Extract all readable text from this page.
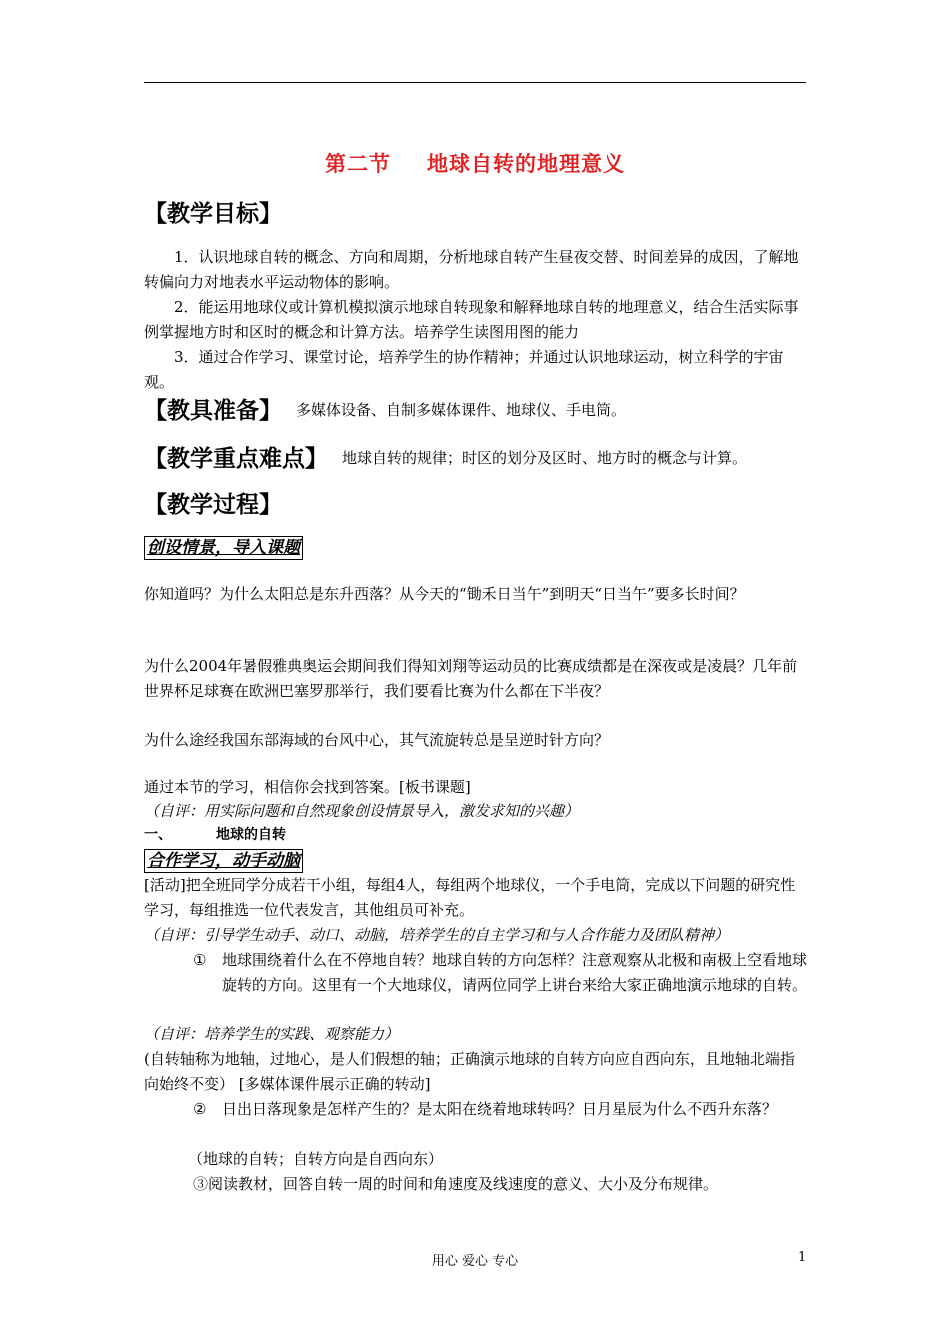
第二节 地球自转的地理意义
【教学目标】
1．认识地球自转的概念、方向和周期，分析地球自转产生昼夜交替、时间差异的成因，了解地转偏向力对地表水平运动物体的影响。
2．能运用地球仪或计算机模拟演示地球自转现象和解释地球自转的地理意义，结合生活实际事例掌握地方时和区时的概念和计算方法。培养学生读图用图的能力
3．通过合作学习、课堂讨论，培养学生的协作精神；并通过认识地球运动，树立科学的宇宙观。
【教具准备】 多媒体设备、自制多媒体课件、地球仪、手电筒。
【教学重点难点】 地球自转的规律；时区的划分及区时、地方时的概念与计算。
【教学过程】
创设情景，导入课题
你知道吗？为什么太阳总是东升西落？从今天的“锄禾日当午”到明天“日当午”要多长时间？
为什么2004年暑假雅典奥运会期间我们得知刘翔等运动员的比赛成绩都是在深夜或是凌晨？几年前世界杯足球赛在欧洲巴塞罗那举行，我们要看比赛为什么都在下半夜？
为什么途经我国东部海域的台风中心，其气流旋转总是呈逆时针方向？
通过本节的学习，相信你会找到答案。[板书课题]
（自评：用实际问题和自然现象创设情景导入，激发求知的兴趣）
一、	地球的自转
合作学习，动手动脑
[活动]把全班同学分成若干小组，每组4人，每组两个地球仪，一个手电筒，完成以下问题的研究性学习，每组推选一位代表发言，其他组员可补充。
（自评：引导学生动手、动口、动脑，培养学生的自主学习和与人合作能力及团队精神）
① 地球围绕着什么在不停地自转？地球自转的方向怎样？注意观察从北极和南极上空看地球旋转的方向。这里有一个大地球仪，请两位同学上讲台来给大家正确地演示地球的自转。
（自评：培养学生的实践、观察能力）
(自转轴称为地轴，过地心，是人们假想的轴；正确演示地球的自转方向应自西向东，且地轴北端指向始终不变） [多媒体课件展示正确的转动]
② 日出日落现象是怎样产生的？是太阳在绕着地球转吗？日月星辰为什么不西升东落？
（地球的自转；自转方向是自西向东）
③阅读教材，回答自转一周的时间和角速度及线速度的意义、大小及分布规律。
用心 爱心 专心	1
